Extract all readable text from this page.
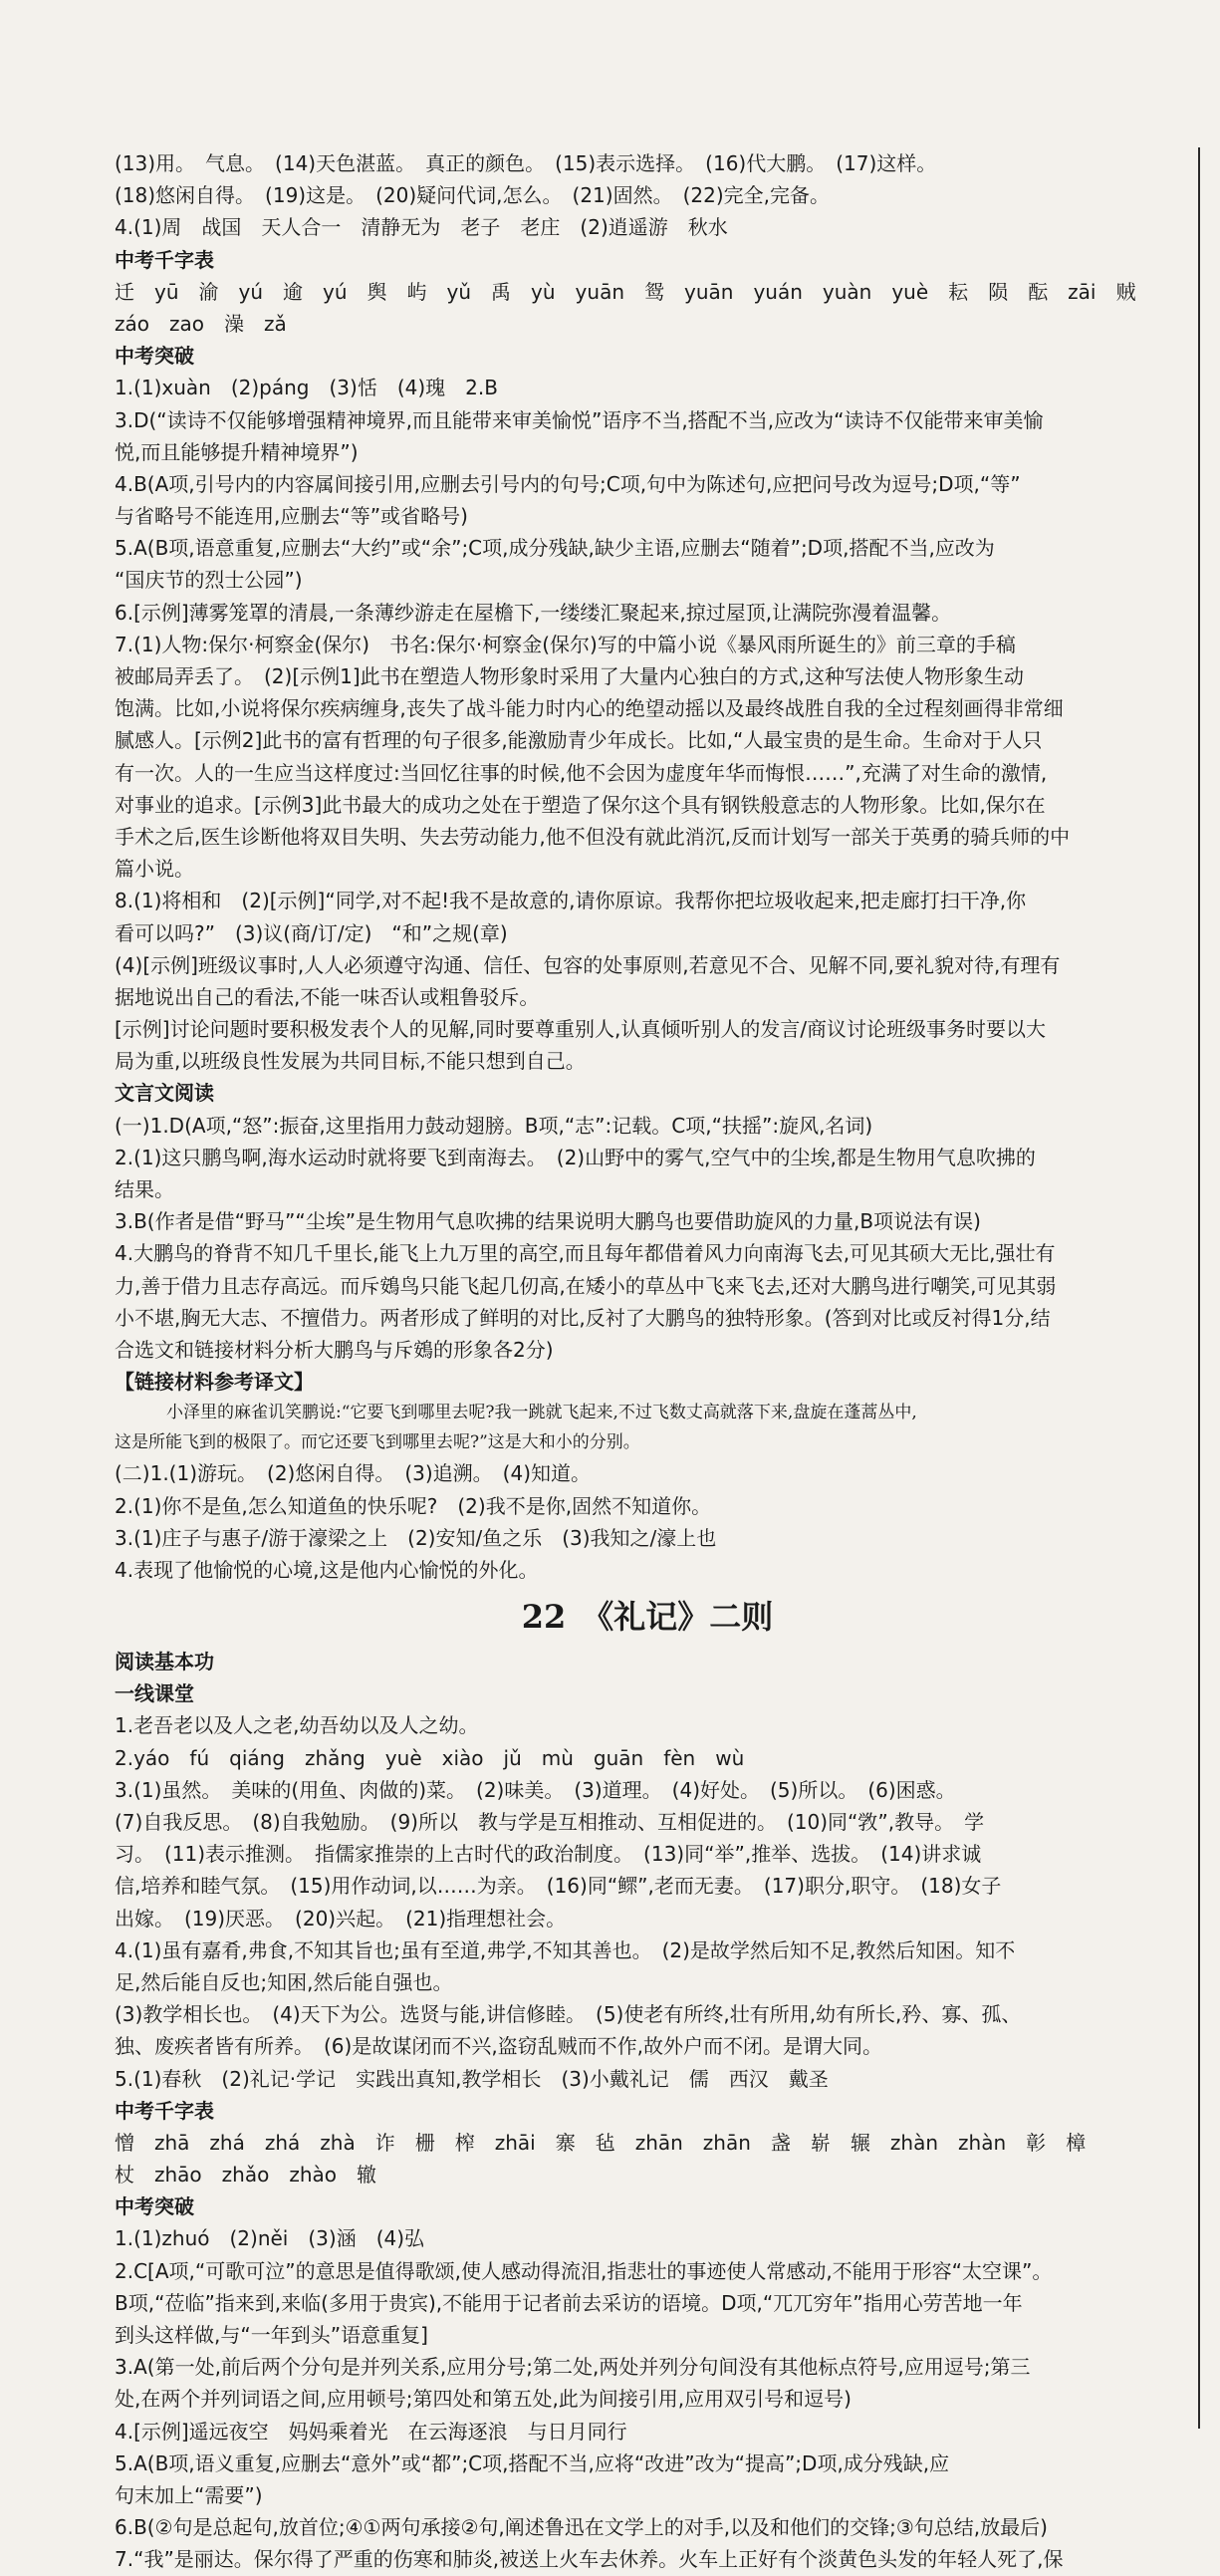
(13)用。　气息。　(14)天色湛蓝。　真正的颜色。　(15)表示选择。　(16)代大鹏。　(17)这样。
(18)悠闲自得。　(19)这是。　(20)疑问代词,怎么。　(21)固然。　(22)完全,完备。
4.(1)周　战国　天人合一　清静无为　老子　老庄　(2)逍遥游　秋水
中考千字表
迁　yū　渝　yú　逾　yú　舆　屿　yǔ　禹　yù　yuān　鸳　yuān　yuán　yuàn　yuè　耘　陨　酝　zāi　贼
záo　zao　澡　zǎ
中考突破
1.(1)xuàn　(2)páng　(3)恬　(4)瑰　2.B
3.D(“读诗不仅能够增强精神境界,而且能带来审美愉悦”语序不当,搭配不当,应改为“读诗不仅能带来审美愉
悦,而且能够提升精神境界”)
4.B(A项,引号内的内容属间接引用,应删去引号内的句号;C项,句中为陈述句,应把问号改为逗号;D项,“等”
与省略号不能连用,应删去“等”或省略号)
5.A(B项,语意重复,应删去“大约”或“余”;C项,成分残缺,缺少主语,应删去“随着”;D项,搭配不当,应改为
“国庆节的烈士公园”)
6.[示例]薄雾笼罩的清晨,一条薄纱游走在屋檐下,一缕缕汇聚起来,掠过屋顶,让满院弥漫着温馨。
7.(1)人物:保尔·柯察金(保尔)　书名:保尔·柯察金(保尔)写的中篇小说《暴风雨所诞生的》前三章的手稿
被邮局弄丢了。　(2)[示例1]此书在塑造人物形象时采用了大量内心独白的方式,这种写法使人物形象生动
饱满。比如,小说将保尔疾病缠身,丧失了战斗能力时内心的绝望动摇以及最终战胜自我的全过程刻画得非常细
腻感人。[示例2]此书的富有哲理的句子很多,能激励青少年成长。比如,“人最宝贵的是生命。生命对于人只
有一次。人的一生应当这样度过:当回忆往事的时候,他不会因为虚度年华而悔恨……”,充满了对生命的激情,
对事业的追求。[示例3]此书最大的成功之处在于塑造了保尔这个具有钢铁般意志的人物形象。比如,保尔在
手术之后,医生诊断他将双目失明、失去劳动能力,他不但没有就此消沉,反而计划写一部关于英勇的骑兵师的中
篇小说。
8.(1)将相和　(2)[示例]“同学,对不起!我不是故意的,请你原谅。我帮你把垃圾收起来,把走廊打扫干净,你
看可以吗?”　(3)议(商/订/定)　“和”之规(章)
(4)[示例]班级议事时,人人必须遵守沟通、信任、包容的处事原则,若意见不合、见解不同,要礼貌对待,有理有
据地说出自己的看法,不能一味否认或粗鲁驳斥。
[示例]讨论问题时要积极发表个人的见解,同时要尊重别人,认真倾听别人的发言/商议讨论班级事务时要以大
局为重,以班级良性发展为共同目标,不能只想到自己。
文言文阅读
(一)1.D(A项,“怒”:振奋,这里指用力鼓动翅膀。B项,“志”:记载。C项,“扶摇”:旋风,名词)
2.(1)这只鹏鸟啊,海水运动时就将要飞到南海去。　(2)山野中的雾气,空气中的尘埃,都是生物用气息吹拂的
结果。
3.B(作者是借“野马”“尘埃”是生物用气息吹拂的结果说明大鹏鸟也要借助旋风的力量,B项说法有误)
4.大鹏鸟的脊背不知几千里长,能飞上九万里的高空,而且每年都借着风力向南海飞去,可见其硕大无比,强壮有
力,善于借力且志存高远。而斥鴳鸟只能飞起几仞高,在矮小的草丛中飞来飞去,还对大鹏鸟进行嘲笑,可见其弱
小不堪,胸无大志、不擅借力。两者形成了鲜明的对比,反衬了大鹏鸟的独特形象。(答到对比或反衬得1分,结
合选文和链接材料分析大鹏鸟与斥鴳的形象各2分)
【链接材料参考译文】
小泽里的麻雀讥笑鹏说:“它要飞到哪里去呢?我一跳就飞起来,不过飞数丈高就落下来,盘旋在蓬蒿丛中,
这是所能飞到的极限了。而它还要飞到哪里去呢?”这是大和小的分别。
(二)1.(1)游玩。　(2)悠闲自得。　(3)追溯。　(4)知道。
2.(1)你不是鱼,怎么知道鱼的快乐呢?　(2)我不是你,固然不知道你。
3.(1)庄子与惠子/游于濠梁之上　(2)安知/鱼之乐　(3)我知之/濠上也
4.表现了他愉悦的心境,这是他内心愉悦的外化。
22　《礼记》二则
阅读基本功
一线课堂
1.老吾老以及人之老,幼吾幼以及人之幼。
2.yáo　fú　qiáng　zhǎng　yuè　xiào　jǔ　mù　guān　fèn　wù
3.(1)虽然。　美味的(用鱼、肉做的)菜。　(2)味美。　(3)道理。　(4)好处。　(5)所以。　(6)困惑。
(7)自我反思。　(8)自我勉励。　(9)所以　教与学是互相推动、互相促进的。　(10)同“敩”,教导。　学
习。　(11)表示推测。　指儒家推崇的上古时代的政治制度。　(13)同“举”,推举、选拔。　(14)讲求诚
信,培养和睦气氛。　(15)用作动词,以……为亲。　(16)同“鳏”,老而无妻。　(17)职分,职守。　(18)女子
出嫁。　(19)厌恶。　(20)兴起。　(21)指理想社会。
4.(1)虽有嘉肴,弗食,不知其旨也;虽有至道,弗学,不知其善也。　(2)是故学然后知不足,教然后知困。知不
足,然后能自反也;知困,然后能自强也。
(3)教学相长也。　(4)天下为公。选贤与能,讲信修睦。　(5)使老有所终,壮有所用,幼有所长,矜、寡、孤、
独、废疾者皆有所养。　(6)是故谋闭而不兴,盗窃乱贼而不作,故外户而不闭。是谓大同。
5.(1)春秋　(2)礼记·学记　实践出真知,教学相长　(3)小戴礼记　儒　西汉　戴圣
中考千字表
憎　zhā　zhá　zhá　zhà　诈　栅　榨　zhāi　寨　毡　zhān　zhān　盏　崭　辗　zhàn　zhàn　彰　樟
杖　zhāo　zhǎo　zhào　辙
中考突破
1.(1)zhuó　(2)něi　(3)涵　(4)弘
2.C[A项,“可歌可泣”的意思是值得歌颂,使人感动得流泪,指悲壮的事迹使人常感动,不能用于形容“太空课”。
B项,“莅临”指来到,来临(多用于贵宾),不能用于记者前去采访的语境。D项,“兀兀穷年”指用心劳苦地一年
到头这样做,与“一年到头”语意重复]
3.A(第一处,前后两个分句是并列关系,应用分号;第二处,两处并列分句间没有其他标点符号,应用逗号;第三
处,在两个并列词语之间,应用顿号;第四处和第五处,此为间接引用,应用双引号和逗号)
4.[示例]遥远夜空　妈妈乘着光　在云海逐浪　与日月同行
5.A(B项,语义重复,应删去“意外”或“都”;C项,搭配不当,应将“改进”改为“提高”;D项,成分残缺,应
句末加上“需要”)
6.B(②句是总起句,放首位;④①两句承接②句,阐述鲁迅在文学上的对手,以及和他们的交锋;③句总结,放最后)
7.“我”是丽达。保尔得了严重的伤寒和肺炎,被送上火车去休养。火车上正好有个淡黄色头发的年轻人死了,保
